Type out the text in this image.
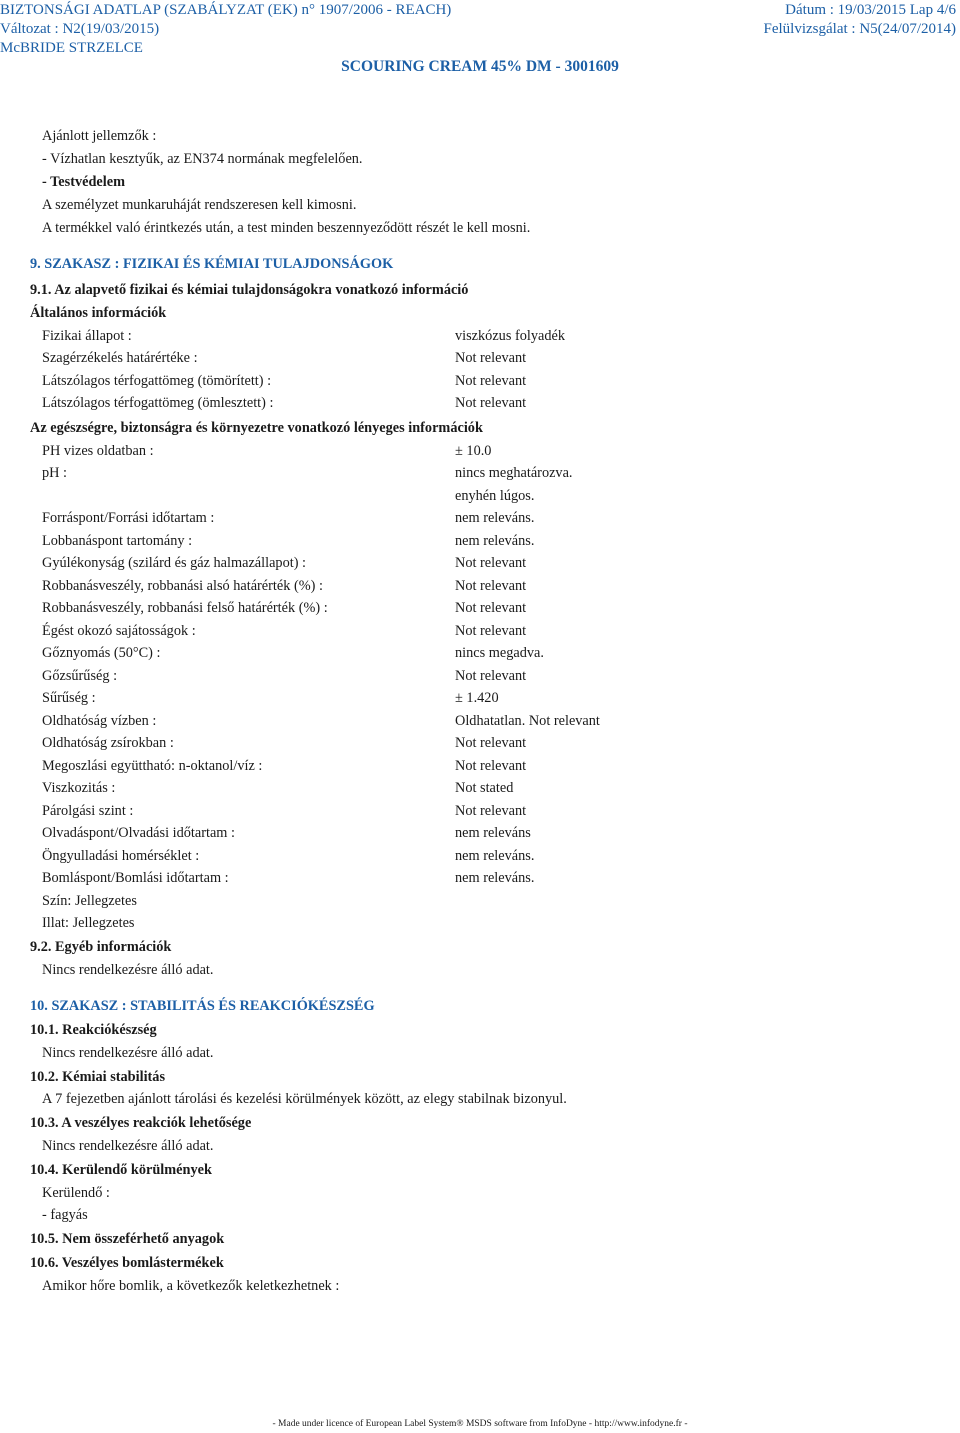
BIZTONSÁGI ADATLAP (SZABÁLYZAT (EK) n° 1907/2006 - REACH)	Dátum : 19/03/2015 Lap 4/6
Változat : N2(19/03/2015)	Felülvizsgálat : N5(24/07/2014)
McBRIDE STRZELCE
SCOURING CREAM 45% DM - 3001609
Ajánlott jellemzők :
- Vízhatlan kesztyűk, az EN374 normának megfelelően.
- Testvédelem
A személyzet munkaruháját rendszeresen kell kimosni.
A termékkel való érintkezés után, a test minden beszennyeződött részét le kell mosni.
9. SZAKASZ : FIZIKAI ÉS KÉMIAI TULAJDONSÁGOK
9.1. Az alapvető fizikai és kémiai tulajdonságokra vonatkozó információ
Általános információk
Fizikai állapot :	viszkózus folyadék
Szagérzékelés határértéke :	Not relevant
Látszólagos térfogattömeg (tömörített) :	Not relevant
Látszólagos térfogattömeg (ömlesztett) :	Not relevant
Az egészségre, biztonságra és környezetre vonatkozó lényeges információk
PH vizes oldatban :	± 10.0
pH :	nincs meghatározva.
enyhén lúgos.
Forráspont/Forrási időtartam :	nem releváns.
Lobbanáspont tartomány :	nem releváns.
Gyúlékonyság (szilárd és gáz halmazállapot) :	Not relevant
Robbanásveszély, robbanási alsó határérték (%) :	Not relevant
Robbanásveszély, robbanási felső határérték (%) :	Not relevant
Égést okozó sajátosságok :	Not relevant
Gőznyomás (50°C) :	nincs megadva.
Gőzsűrűség :	Not relevant
Sűrűség :	± 1.420
Oldhatóság vízben :	Oldhatatlan. Not relevant
Oldhatóság zsírokban :	Not relevant
Megoszlási együttható: n-oktanol/víz :	Not relevant
Viszkozitás :	Not stated
Párolgási szint :	Not relevant
Olvadáspont/Olvadási időtartam :	nem releváns
Öngyulladási homérséklet :	nem releváns.
Bomláspont/Bomlási időtartam :	nem releváns.
Szín: Jellegzetes
Illat: Jellegzetes
9.2. Egyéb információk
Nincs rendelkezésre álló adat.
10. SZAKASZ : STABILITÁS ÉS REAKCIÓKÉSZSÉG
10.1. Reakciókészség
Nincs rendelkezésre álló adat.
10.2. Kémiai stabilitás
A 7 fejezetben ajánlott tárolási és kezelési körülmények között, az elegy stabilnak bizonyul.
10.3. A veszélyes reakciók lehetősége
Nincs rendelkezésre álló adat.
10.4. Kerülendő körülmények
Kerülendő :
- fagyás
10.5. Nem összeférhető anyagok
10.6. Veszélyes bomlástermékek
Amikor hőre bomlik, a következők keletkezhetnek :
- Made under licence of European Label System® MSDS software from InfoDyne - http://www.infodyne.fr -
